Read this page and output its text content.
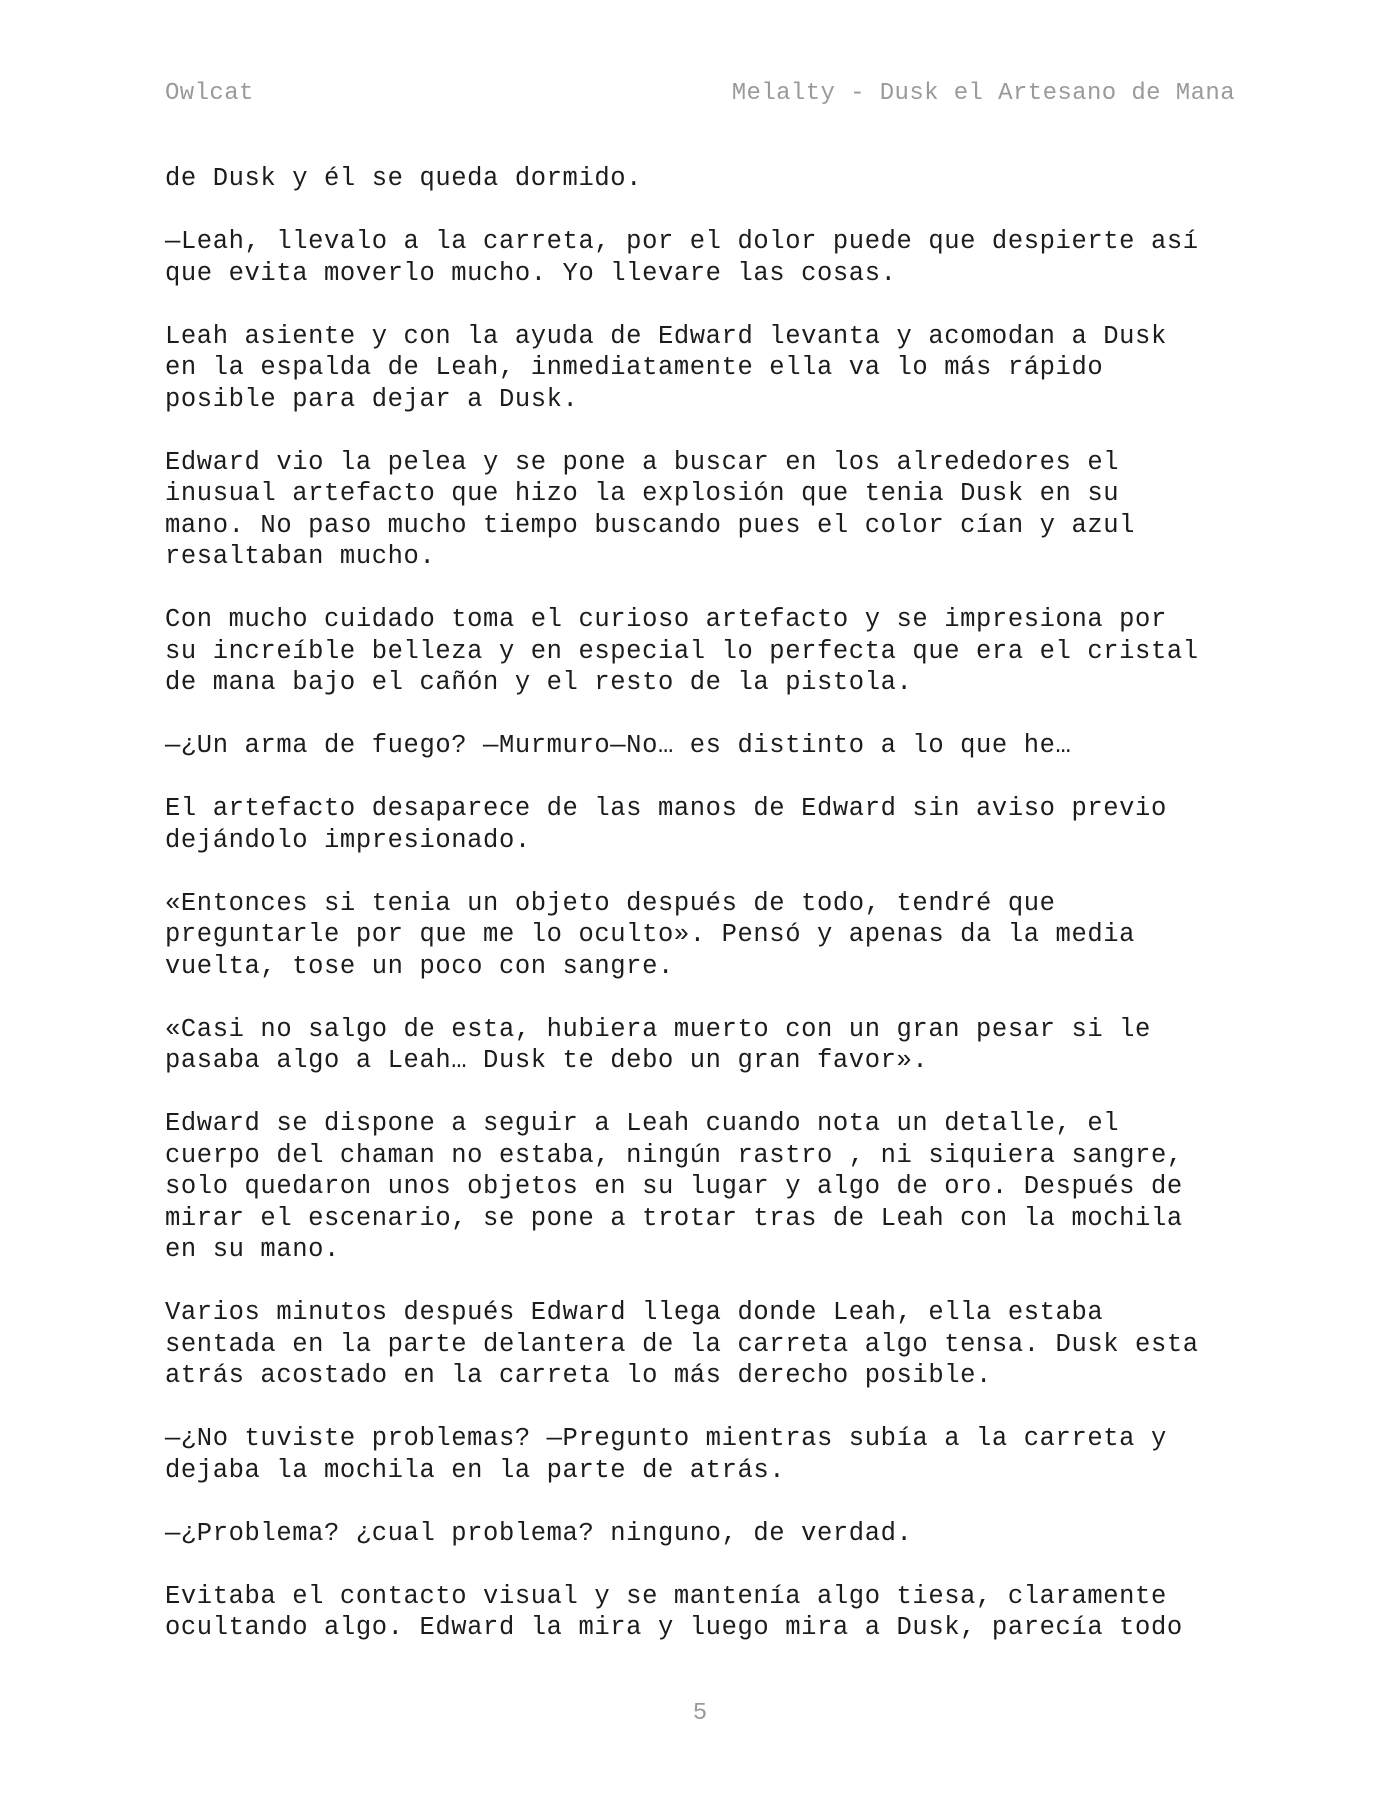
Owlcat	Melalty - Dusk el Artesano de Mana

de Dusk y él se queda dormido.

—Leah, llevalo a la carreta, por el dolor puede que despierte así
que evita moverlo mucho. Yo llevare las cosas.

Leah asiente y con la ayuda de Edward levanta y acomodan a Dusk
en la espalda de Leah, inmediatamente ella va lo más rápido
posible para dejar a Dusk.

Edward vio la pelea y se pone a buscar en los alrededores el
inusual artefacto que hizo la explosión que tenia Dusk en su
mano. No paso mucho tiempo buscando pues el color cían y azul
resaltaban mucho.

Con mucho cuidado toma el curioso artefacto y se impresiona por
su increíble belleza y en especial lo perfecta que era el cristal
de mana bajo el cañón y el resto de la pistola.

—¿Un arma de fuego? —Murmuro—No… es distinto a lo que he…

El artefacto desaparece de las manos de Edward sin aviso previo
dejándolo impresionado.

«Entonces si tenia un objeto después de todo, tendré que
preguntarle por que me lo oculto». Pensó y apenas da la media
vuelta, tose un poco con sangre.

«Casi no salgo de esta, hubiera muerto con un gran pesar si le
pasaba algo a Leah… Dusk te debo un gran favor».

Edward se dispone a seguir a Leah cuando nota un detalle, el
cuerpo del chaman no estaba, ningún rastro , ni siquiera sangre,
solo quedaron unos objetos en su lugar y algo de oro. Después de
mirar el escenario, se pone a trotar tras de Leah con la mochila
en su mano.

Varios minutos después Edward llega donde Leah, ella estaba
sentada en la parte delantera de la carreta algo tensa. Dusk esta
atrás acostado en la carreta lo más derecho posible.

—¿No tuviste problemas? —Pregunto mientras subía a la carreta y
dejaba la mochila en la parte de atrás.

—¿Problema? ¿cual problema? ninguno, de verdad.

Evitaba el contacto visual y se mantenía algo tiesa, claramente
ocultando algo. Edward la mira y luego mira a Dusk, parecía todo

5
